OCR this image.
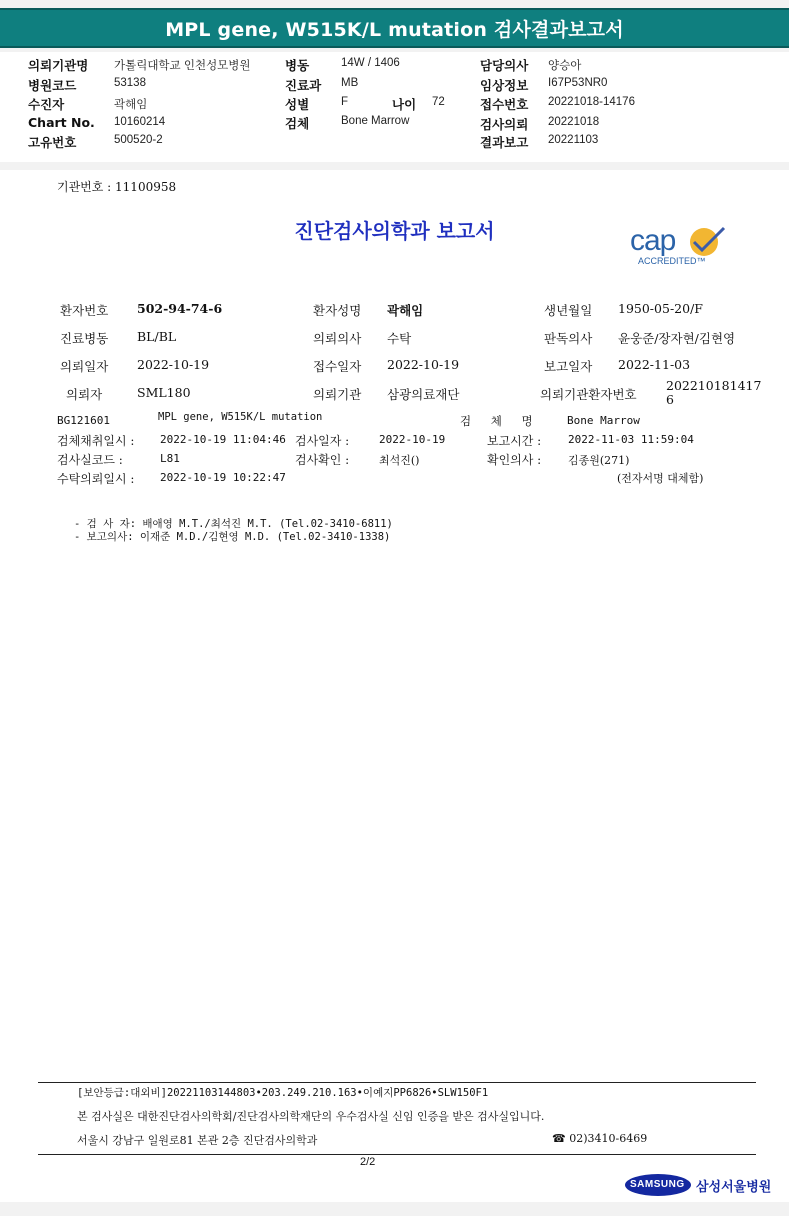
MPL gene, W515K/L mutation 검사결과보고서
의뢰기관명 가톨릭대학교 인천성모병원
병원코드	53138
수진자	곽해임
Chart No. 10160214
고유번호	500520-2
병동	14W / 1406
진료과 MB
성별	F	나이 72
검체	Bone Marrow
담당의사 양승아
임상정보 I67P53NR0
접수번호 20221018-14176
검사의뢰 20221018
결과보고 20221103
기관번호 : 11100958
진단검사의학과 보고서	cap
ACCREDITED™
환자번호 502-94-74-6	환자성명 곽해임	생년월일 1950-05-20/F
진료병동 BL/BL	의뢰의사 수탁	판독의사 윤웅준/장자현/김현영
의뢰일자 2022-10-19	접수일자 2022-10-19	보고일자 2022-11-03
의뢰자	SML180	의뢰기관 삼광의료재단	의뢰기관환자번호
202210181417
6
BG121601	MPL gene, W515K/L mutation	검 체 명 Bone Marrow
검체채취일시 : 2022-10-19 11:04:46 검사일자 :	2022-10-19	보고시간 : 2022-11-03 11:59:04
검사실코드 :	L81	검사확인 :	최석진()	확인의사 : 김종원(271)
수탁의뢰일시 : 2022-10-19 10:22:47	(전자서명 대체함)
- 검 사 자: 배애영 M.T./최석진 M.T. (Tel.02-3410-6811)
- 보고의사: 이재준 M.D./김현영 M.D. (Tel.02-3410-1338)
[보안등급:대외비]20221103144803•203.249.210.163•이예지PP6826•SLW150F1
본 검사실은 대한진단검사의학회/진단검사의학재단의 우수검사실 신임 인증을 받은 검사실입니다.
서울시 강남구 일원로81 본관 2층 진단검사의학과	☎ 02)3410-6469
2/2
SAMSUNG 삼성서울병원
